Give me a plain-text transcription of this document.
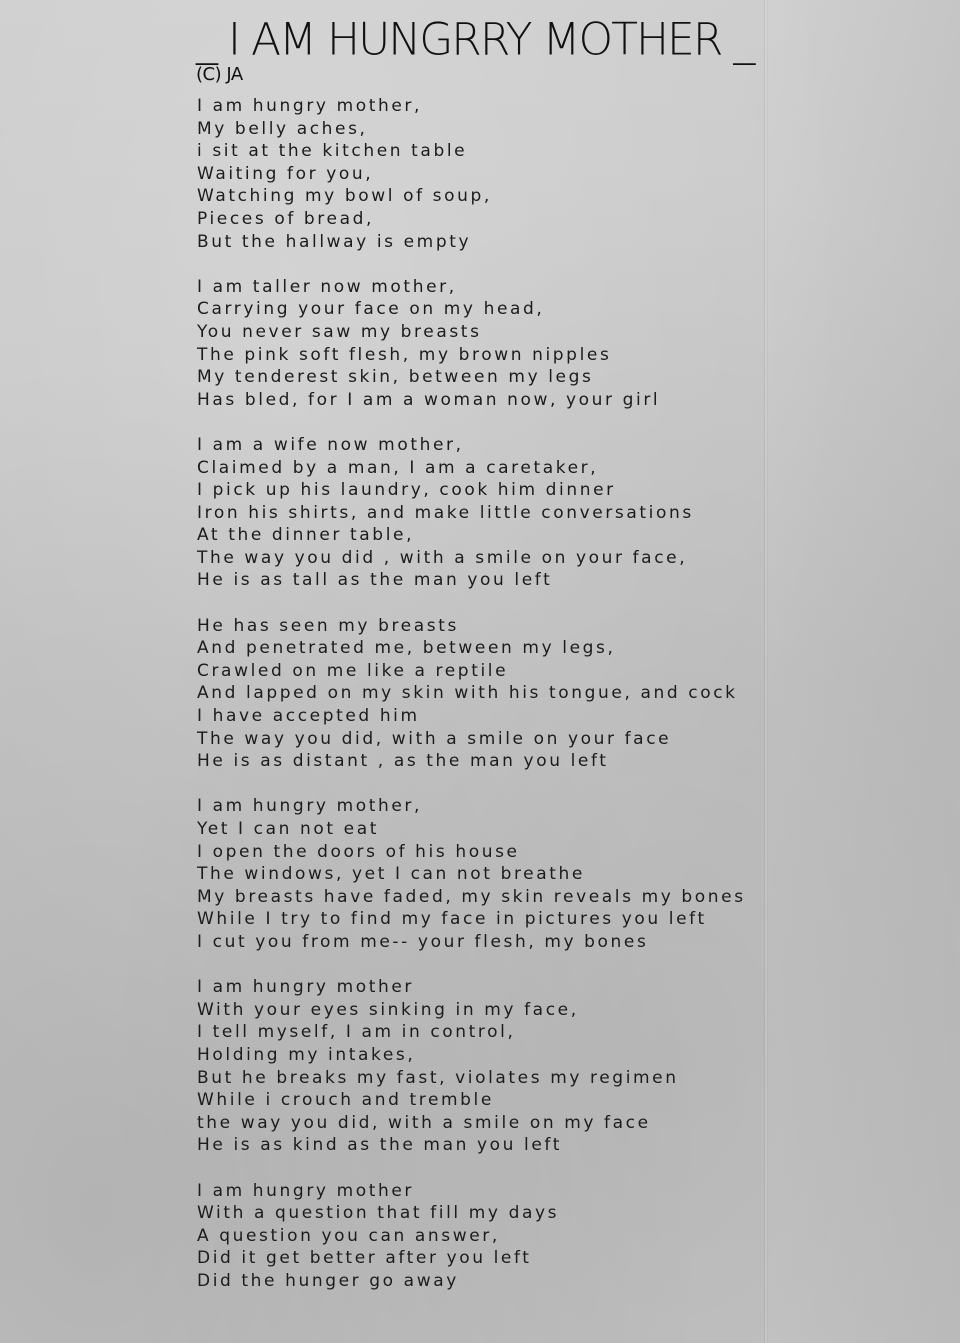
_ I AM HUNGRRY MOTHER _
(C) JA
I am hungry mother,
My belly aches,
i sit at the kitchen table
Waiting for you,
Watching my bowl of soup,
Pieces of bread,
But the hallway is empty
I am taller now mother,
Carrying your face on my head,
You never saw my breasts
The pink soft flesh, my brown nipples
My tenderest skin, between my legs
Has bled, for I am a woman now, your girl
I am a wife now mother,
Claimed by a man, I am a caretaker,
I pick up his laundry, cook him dinner
Iron his shirts, and make little conversations
At the dinner table,
The way you did , with a smile on your face,
He is as tall as the man you left
He has seen my breasts
And penetrated me, between my legs,
Crawled on me like a reptile
And lapped on my skin with his tongue, and cock
I have accepted him
The way you did, with a smile on your face
He is as distant , as the man you left
I am hungry mother,
Yet I can not eat
I open the doors of his house
The windows, yet I can not breathe
My breasts have faded, my skin reveals my bones
While I try to find my face in pictures you left
I cut you from me-- your flesh, my bones
I am hungry mother
With your eyes sinking in my face,
I tell myself, I am in control,
Holding my intakes,
But he breaks my fast, violates my regimen
While i crouch and tremble
the way you did, with a smile on my face
He is as kind as the man you left
I am hungry mother
With a question that fill my days
A question you can answer,
Did it get better after you left
Did the hunger go away
